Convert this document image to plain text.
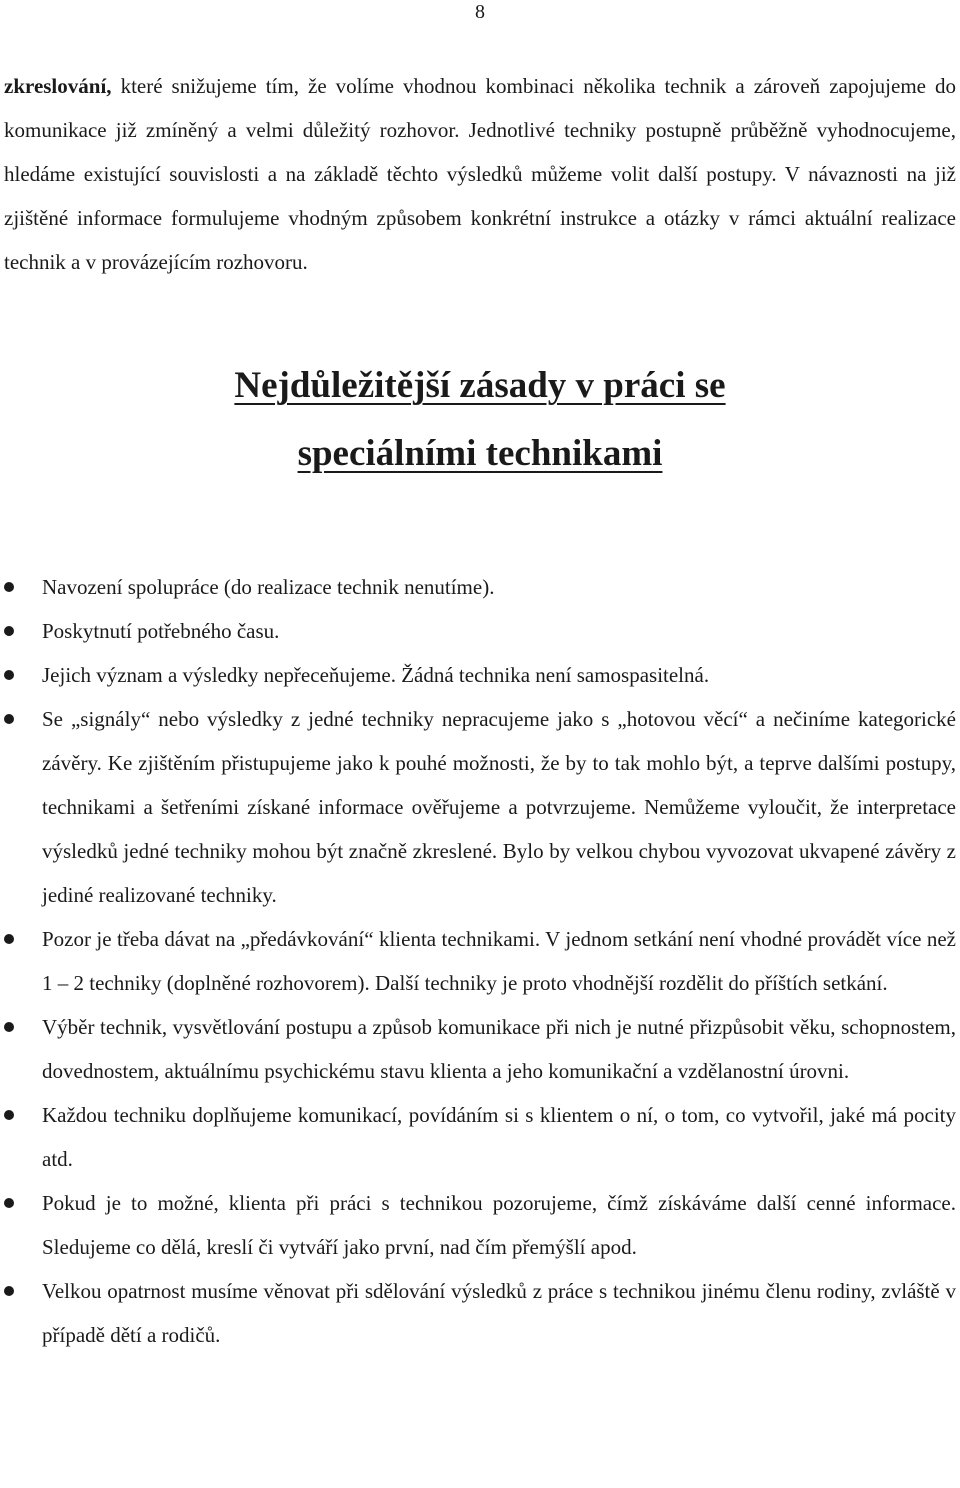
8

zkreslování, které snižujeme tím, že volíme vhodnou kombinaci několika technik a zároveň zapojujeme do komunikace již zmíněný a velmi důležitý rozhovor. Jednotlivé techniky postupně průběžně vyhodnocujeme, hledáme existující souvislosti a na základě těchto výsledků můžeme volit další postupy. V návaznosti na již zjištěné informace formulujeme vhodným způsobem konkrétní instrukce a otázky v rámci aktuální realizace technik a v provázejícím rozhovoru.

Nejdůležitější zásady v práci se
speciálními technikami
Navození spolupráce (do realizace technik nenutíme).
Poskytnutí potřebného času.
Jejich význam a výsledky nepřeceňujeme. Žádná technika není samospasitelná.
Se „signály“ nebo výsledky z jedné techniky nepracujeme jako s „hotovou věcí“ a nečiníme kategorické závěry. Ke zjištěním přistupujeme jako k pouhé možnosti, že by to tak mohlo být, a teprve dalšími postupy, technikami a šetřeními získané informace ověřujeme a potvrzujeme. Nemůžeme vyloučit, že interpretace výsledků jedné techniky mohou být značně zkreslené. Bylo by velkou chybou vyvozovat ukvapené závěry z jediné realizované techniky.
Pozor je třeba dávat na „předávkování“ klienta technikami. V jednom setkání není vhodné provádět více než 1 – 2 techniky (doplněné rozhovorem). Další techniky je proto vhodnější rozdělit do příštích setkání.
Výběr technik, vysvětlování postupu a způsob komunikace při nich je nutné přizpůsobit věku, schopnostem, dovednostem, aktuálnímu psychickému stavu klienta a jeho komunikační a vzdělanostní úrovni.
Každou techniku doplňujeme komunikací, povídáním si s klientem o ní, o tom, co vytvořil, jaké má pocity atd.
Pokud je to možné, klienta při práci s technikou pozorujeme, čímž získáváme další cenné informace. Sledujeme co dělá, kreslí či vytváří jako první, nad čím přemýšlí apod.
Velkou opatrnost musíme věnovat při sdělování výsledků z práce s technikou jinému členu rodiny, zvláště v případě dětí a rodičů.
